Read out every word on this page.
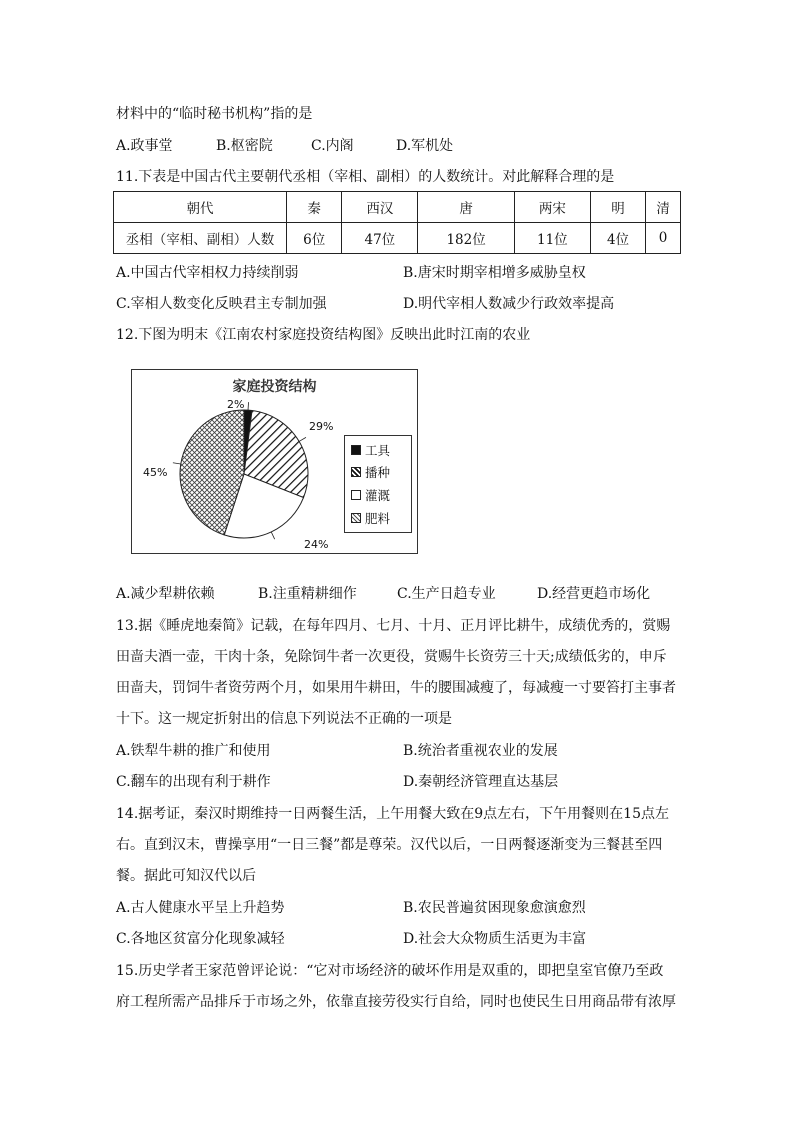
材料中的“临时秘书机构”指的是
A.政事堂	B.枢密院	C.内阁	D.军机处
11.下表是中国古代主要朝代丞相（宰相、副相）的人数统计。对此解释合理的是
朝代	秦	西汉	唐	两宋	明	清
丞相（宰相、副相）人数	6位	47位	182位	11位	4位	0
A.中国古代宰相权力持续削弱	B.唐宋时期宰相增多威胁皇权
C.宰相人数变化反映君主专制加强	D.明代宰相人数减少行政效率提高
12.下图为明末《江南农村家庭投资结构图》反映出此时江南的农业
家庭投资结构
2%
29%
24%
45%
工具
播种
灌溉
肥料
A.减少犁耕依赖	B.注重精耕细作	C.生产日趋专业	D.经营更趋市场化
13.据《睡虎地秦简》记载，在每年四月、七月、十月、正月评比耕牛，成绩优秀的，赏赐
田啬夫酒一壶，干肉十条，免除饲牛者一次更役，赏赐牛长资劳三十天;成绩低劣的，申斥
田啬夫，罚饲牛者资劳两个月，如果用牛耕田，牛的腰围减瘦了，每减瘦一寸要笞打主事者
十下。这一规定折射出的信息下列说法不正确的一项是
A.铁犁牛耕的推广和使用	B.统治者重视农业的发展
C.翻车的出现有利于耕作	D.秦朝经济管理直达基层
14.据考证，秦汉时期维持一日两餐生活，上午用餐大致在9点左右，下午用餐则在15点左
右。直到汉末，曹操享用“一日三餐”都是尊荣。汉代以后，一日两餐逐渐变为三餐甚至四
餐。据此可知汉代以后
A.古人健康水平呈上升趋势	B.农民普遍贫困现象愈演愈烈
C.各地区贫富分化现象减轻	D.社会大众物质生活更为丰富
15.历史学者王家范曾评论说：“它对市场经济的破坏作用是双重的，即把皇室官僚乃至政
府工程所需产品排斥于市场之外，依靠直接劳役实行自给，同时也使民生日用商品带有浓厚
